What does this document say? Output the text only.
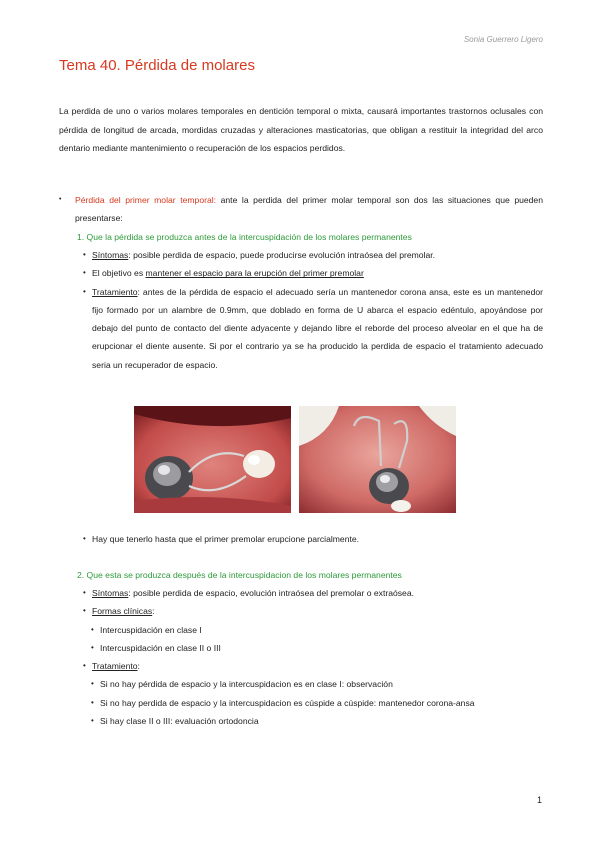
Sonia Guerrero Ligero
Tema 40. Pérdida de molares

La perdida de uno o varios molares temporales en dentición temporal o mixta, causará importantes trastornos oclusales con pérdida de longitud de arcada, mordidas cruzadas y alteraciones masticatorias, que obligan a restituir la integridad del arco dentario mediante mantenimiento o recuperación de los espacios perdidos.

• Pérdida del primer molar temporal: ante la perdida del primer molar temporal son dos las situaciones que pueden presentarse:
1. Que la pérdida se produzca antes de la intercuspidación de los molares permanentes
• Síntomas: posible perdida de espacio, puede producirse evolución intraósea del premolar.
• El objetivo es mantener el espacio para la erupción del primer premolar
• Tratamiento: antes de la pérdida de espacio el adecuado sería un mantenedor corona ansa, este es un mantenedor fijo formado por un alambre de 0.9mm, que doblado en forma de U abarca el espacio edéntulo, apoyándose por debajo del punto de contacto del diente adyacente y dejando libre el reborde del proceso alveolar en el que ha de erupcionar el diente ausente. Si por el contrario ya se ha producido la perdida de espacio el tratamiento adecuado seria un recuperador de espacio.
• Hay que tenerlo hasta que el primer premolar erupcione parcialmente.
2. Que esta se produzca después de la intercuspidacion de los molares permanentes
• Síntomas: posible perdida de espacio, evolución intraósea del premolar o extraósea.
• Formas clínicas:
• Intercuspidación en clase I
• Intercuspidación en clase II o III
• Tratamiento:
• Si no hay pérdida de espacio y la intercuspidacion es en clase I: observación
• Si no hay perdida de espacio y la intercuspidacion es cúspide a cúspide: mantenedor corona-ansa
• Si hay clase II o III: evaluación ortodoncia
1
